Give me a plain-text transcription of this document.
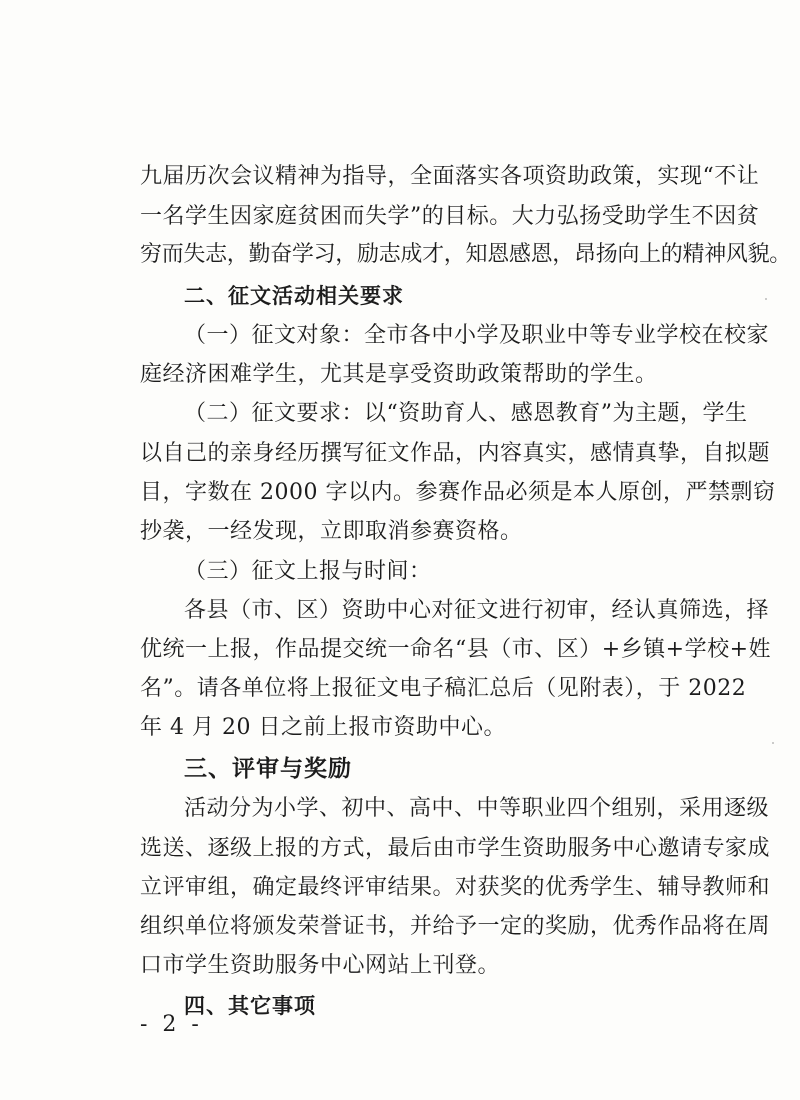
九届历次会议精神为指导，全面落实各项资助政策，实现“不让
一名学生因家庭贫困而失学”的目标。大力弘扬受助学生不因贫
穷而失志，勤奋学习，励志成才，知恩感恩，昂扬向上的精神风貌。
二、征文活动相关要求
（一）征文对象：全市各中小学及职业中等专业学校在校家
庭经济困难学生，尤其是享受资助政策帮助的学生。
（二）征文要求：以“资助育人、感恩教育”为主题，学生
以自己的亲身经历撰写征文作品，内容真实，感情真挚，自拟题
目，字数在 2000 字以内。参赛作品必须是本人原创，严禁剽窃
抄袭，一经发现，立即取消参赛资格。
（三）征文上报与时间：
各县（市、区）资助中心对征文进行初审，经认真筛选，择
优统一上报，作品提交统一命名“县（市、区）+乡镇+学校+姓
名”。请各单位将上报征文电子稿汇总后（见附表），于 2022
年 4 月 20 日之前上报市资助中心。
三、评审与奖励
活动分为小学、初中、高中、中等职业四个组别，采用逐级
选送、逐级上报的方式，最后由市学生资助服务中心邀请专家成
立评审组，确定最终评审结果。对获奖的优秀学生、辅导教师和
组织单位将颁发荣誉证书，并给予一定的奖励，优秀作品将在周
口市学生资助服务中心网站上刊登。
四、其它事项
- 2 -
